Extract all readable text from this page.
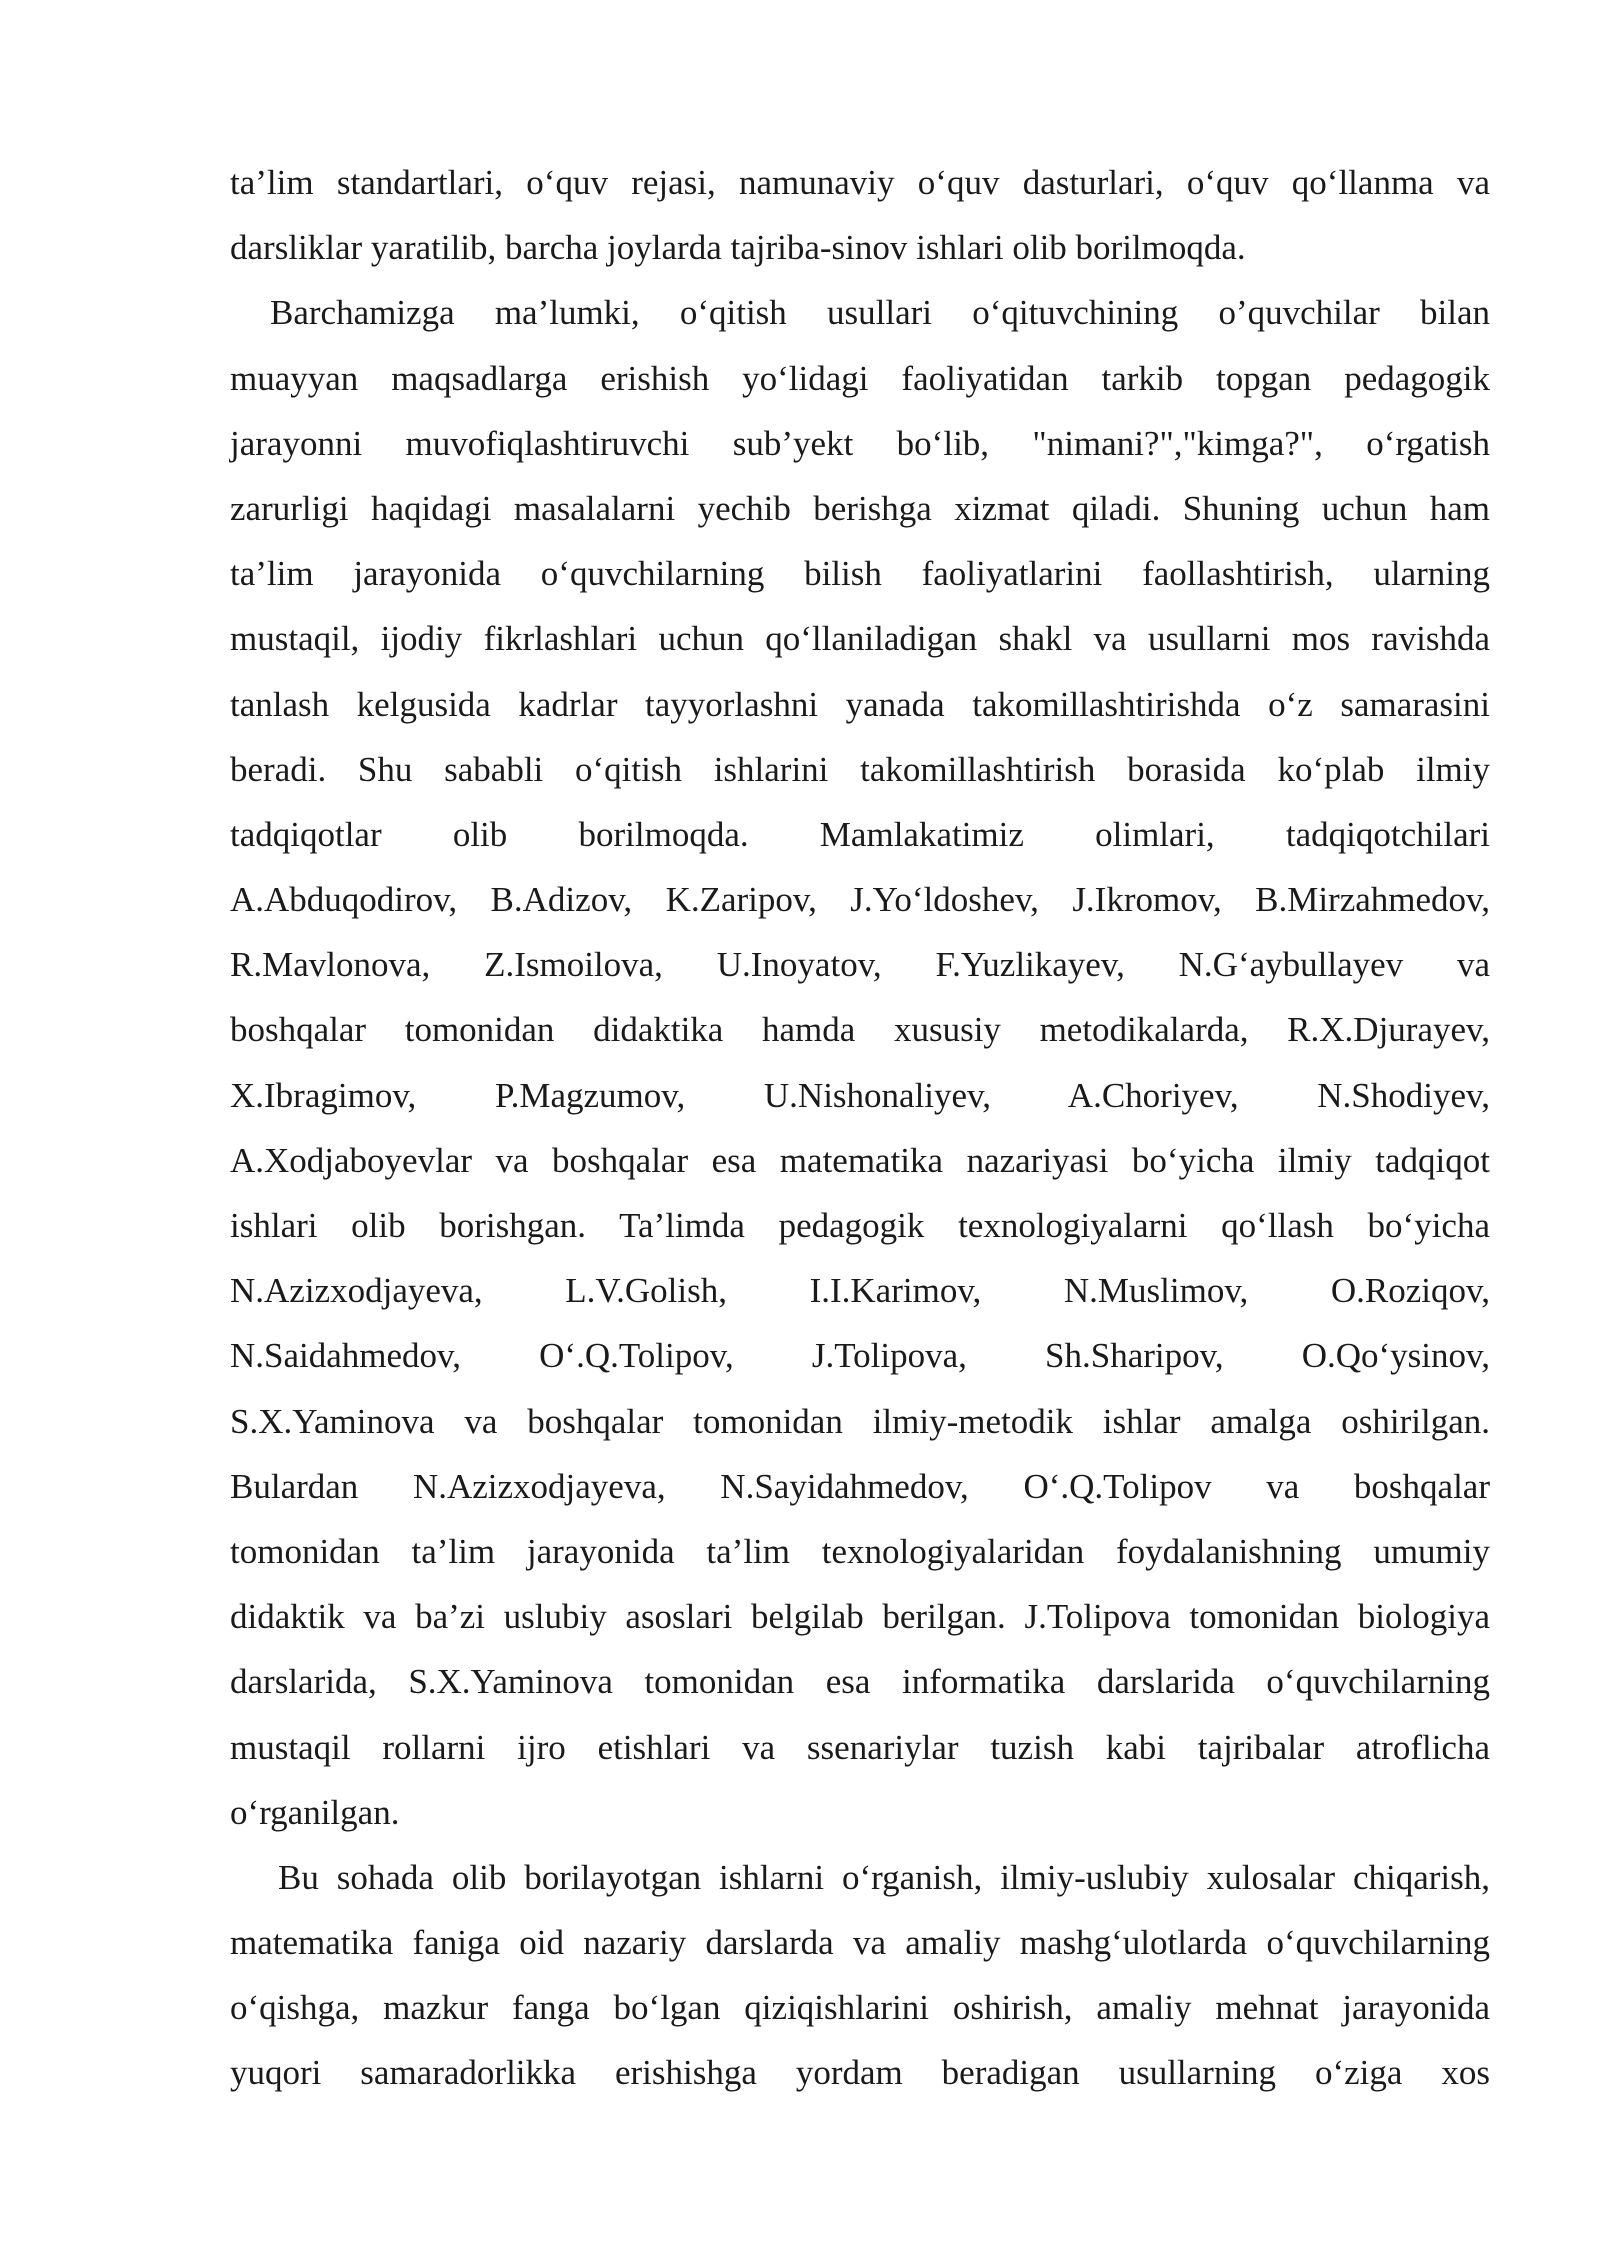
ta’lim standartlari, o‘quv rejasi, namunaviy o‘quv dasturlari, o‘quv qo‘llanma va
darsliklar yaratilib, barcha joylarda tajriba-sinov ishlari olib borilmoqda.
Barchamizga ma’lumki, o‘qitish usullari o‘qituvchining o’quvchilar bilan
muayyan maqsadlarga erishish yo‘lidagi faoliyatidan tarkib topgan pedagogik
jarayonni muvofiqlashtiruvchi sub’yekt bo‘lib, "nimani?","kimga?", o‘rgatish
zarurligi haqidagi masalalarni yechib berishga xizmat qiladi. Shuning uchun ham
ta’lim jarayonida o‘quvchilarning bilish faoliyatlarini faollashtirish, ularning
mustaqil, ijodiy fikrlashlari uchun qo‘llaniladigan shakl va usullarni mos ravishda
tanlash kelgusida kadrlar tayyorlashni yanada takomillashtirishda o‘z samarasini
beradi. Shu sababli o‘qitish ishlarini takomillashtirish borasida ko‘plab ilmiy
tadqiqotlar olib borilmoqda. Mamlakatimiz olimlari, tadqiqotchilari
A.Abduqodirov, B.Adizov, K.Zaripov, J.Yo‘ldoshev, J.Ikromov, B.Mirzahmedov,
R.Mavlonova, Z.Ismoilova, U.Inoyatov, F.Yuzlikayev, N.G‘aybullayev va
boshqalar tomonidan didaktika hamda xususiy metodikalarda, R.X.Djurayev,
X.Ibragimov, P.Magzumov, U.Nishonaliyev, A.Choriyev, N.Shodiyev,
A.Xodjaboyevlar va boshqalar esa matematika nazariyasi bo‘yicha ilmiy tadqiqot
ishlari olib borishgan. Ta’limda pedagogik texnologiyalarni qo‘llash bo‘yicha
N.Azizxodjayeva, L.V.Golish, I.I.Karimov, N.Muslimov, O.Roziqov,
N.Saidahmedov, O‘.Q.Tolipov, J.Tolipova, Sh.Sharipov, O.Qo‘ysinov,
S.X.Yaminova va boshqalar tomonidan ilmiy-metodik ishlar amalga oshirilgan.
Bulardan N.Azizxodjayeva, N.Sayidahmedov, O‘.Q.Tolipov va boshqalar
tomonidan ta’lim jarayonida ta’lim texnologiyalaridan foydalanishning umumiy
didaktik va ba’zi uslubiy asoslari belgilab berilgan. J.Tolipova tomonidan biologiya
darslarida, S.X.Yaminova tomonidan esa informatika darslarida o‘quvchilarning
mustaqil rollarni ijro etishlari va ssenariylar tuzish kabi tajribalar atroflicha
o‘rganilgan.
Bu sohada olib borilayotgan ishlarni o‘rganish, ilmiy-uslubiy xulosalar chiqarish,
matematika faniga oid nazariy darslarda va amaliy mashg‘ulotlarda o‘quvchilarning
o‘qishga, mazkur fanga bo‘lgan qiziqishlarini oshirish, amaliy mehnat jarayonida
yuqori samaradorlikka erishishga yordam beradigan usullarning o‘ziga xos
